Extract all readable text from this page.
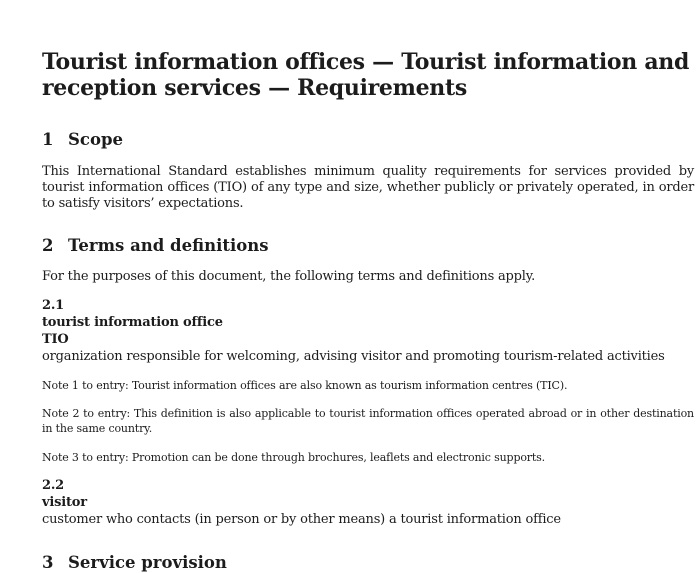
Tourist information offices — Tourist information and reception services — Requirements
1 Scope

This International Standard establishes minimum quality requirements for services provided by tourist information offices (TIO) of any type and size, whether publicly or privately operated, in order to satisfy visitors’ expectations.

2 Terms and definitions

For the purposes of this document, the following terms and definitions apply.

2.1
tourist information office
TIO
organization responsible for welcoming, advising visitor and promoting tourism-related activities

Note 1 to entry: Tourist information offices are also known as tourism information centres (TIC).

Note 2 to entry: This definition is also applicable to tourist information offices operated abroad or in other destination in the same country.

Note 3 to entry: Promotion can be done through brochures, leaflets and electronic supports.

2.2
visitor
customer who contacts (in person or by other means) a tourist information office
3 Service provision
